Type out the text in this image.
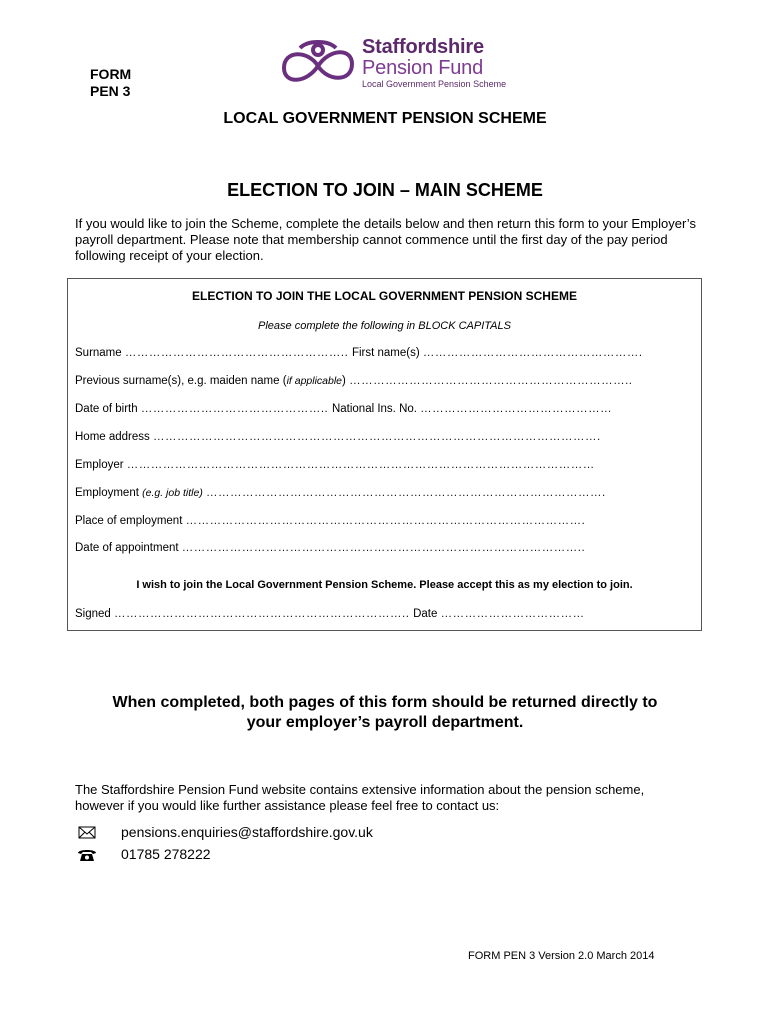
FORM
PEN 3
Staffordshire
Pension Fund
Local Government Pension Scheme
LOCAL GOVERNMENT PENSION SCHEME
ELECTION TO JOIN – MAIN SCHEME
If you would like to join the Scheme, complete the details below and then return this form to your Employer’s payroll department. Please note that membership cannot commence until the first day of the pay period following receipt of your election.
ELECTION TO JOIN THE LOCAL GOVERNMENT PENSION SCHEME
Please complete the following in BLOCK CAPITALS
Surname ……………………………………………….. First name(s) ……………………………………………….
Previous surname(s), e.g. maiden name (if applicable) ……………………………………………………………..
Date of birth ……………………………………….. National Ins. No. …………………………………………
Home address ………………………………………………………………………………………………….
Employer ………………………………………………………………………………………………………
Employment (e.g. job title) ……………………………………………………………………………………….
Place of employment ……………………………………………………………………………………….
Date of appointment ………………………………………………………………………………………..
I wish to join the Local Government Pension Scheme. Please accept this as my election to join.
Signed ……………………………………………………………….. Date ………………………………
When completed, both pages of this form should be returned directly to
your employer’s payroll department.
The Staffordshire Pension Fund website contains extensive information about the pension scheme, however if you would like further assistance please feel free to contact us:
pensions.enquiries@staffordshire.gov.uk
01785 278222
FORM PEN 3 Version 2.0 March 2014
